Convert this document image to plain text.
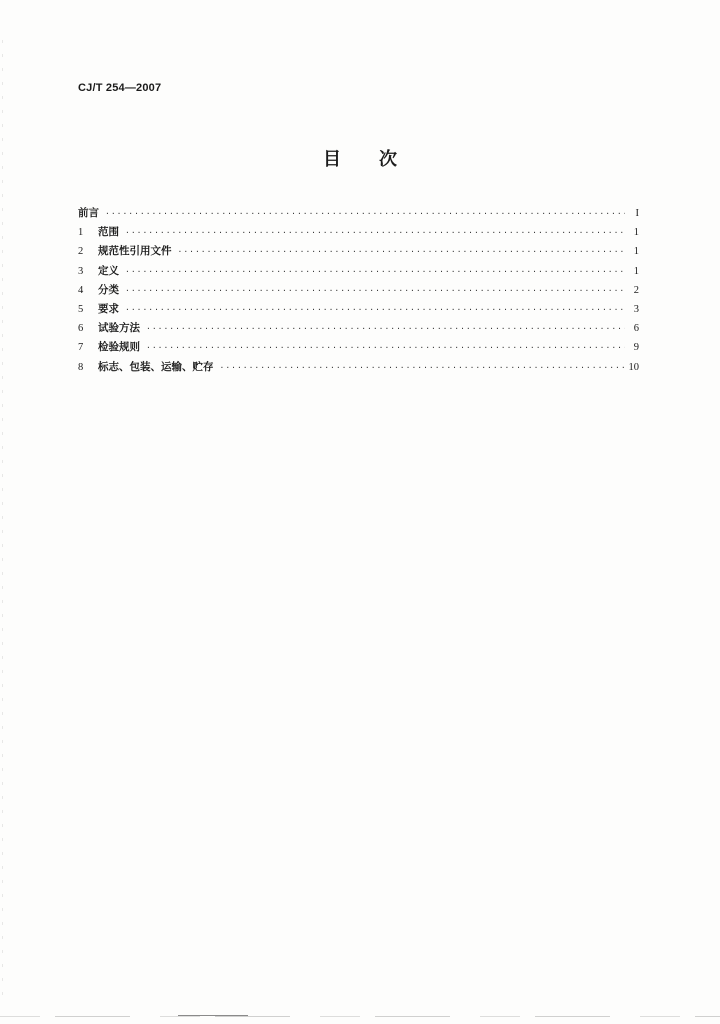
CJ/T 254—2007
目 次
前言 ·····	I
1	范围 ·····	1
2	规范性引用文件 ·····	1
3	定义 ·····	1
4	分类 ·····	2
5	要求 ·····	3
6	试验方法 ·····	6
7	检验规则 ·····	9
8	标志、包装、运输、贮存 ·····	10
